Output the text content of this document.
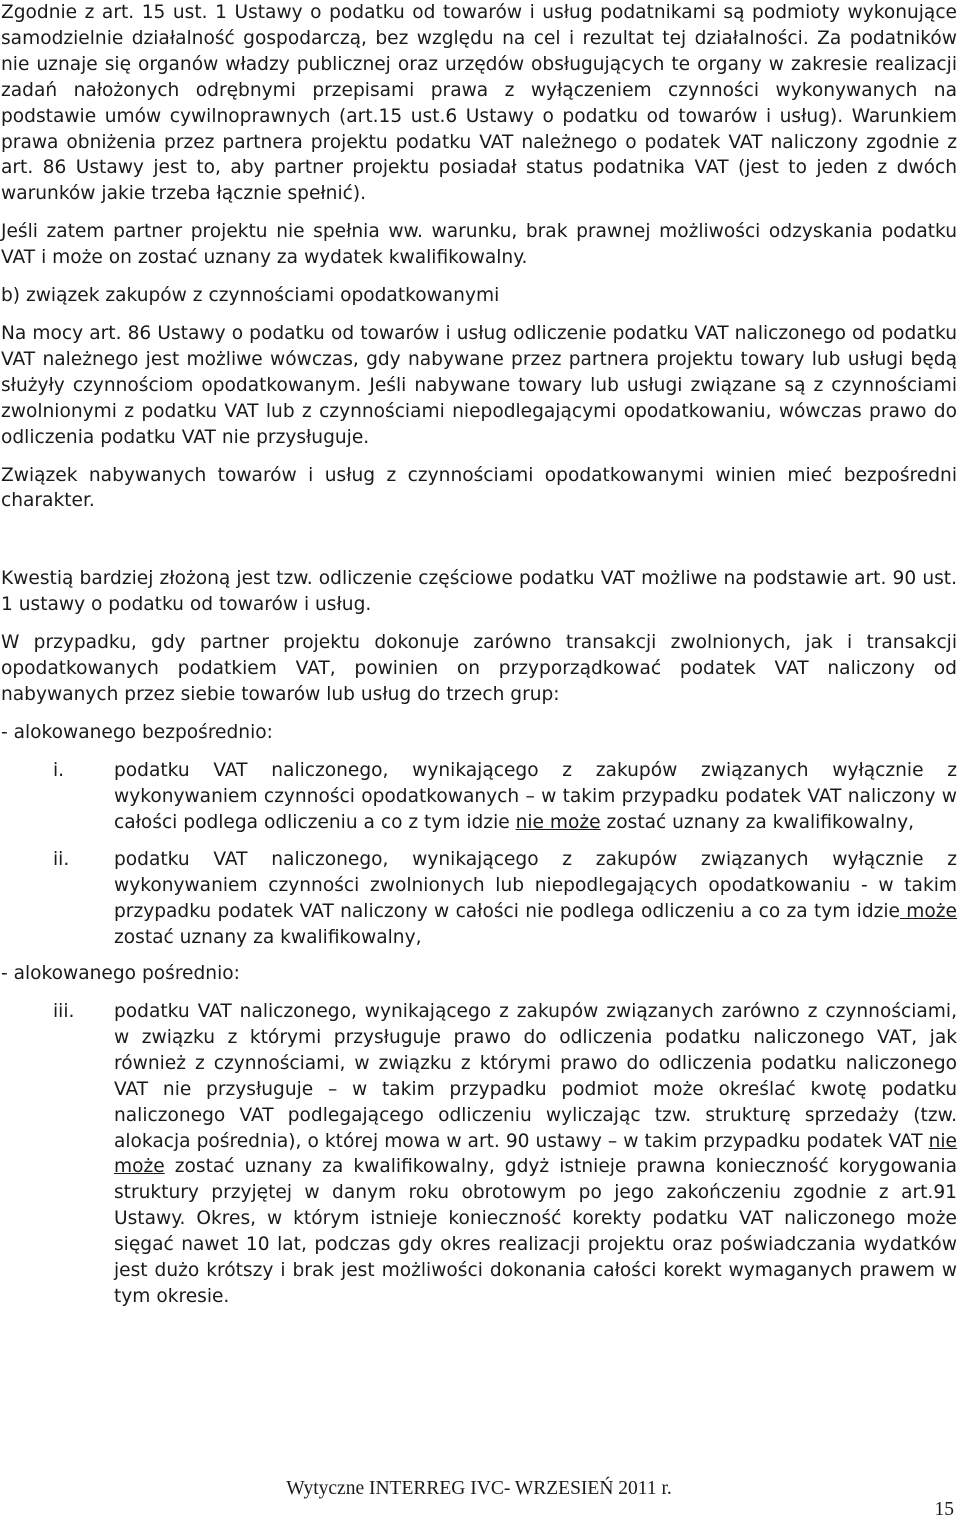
Zgodnie z art. 15 ust. 1 Ustawy o podatku od towarów i usług podatnikami są podmioty wykonujące samodzielnie działalność gospodarczą, bez względu na cel i rezultat tej działalności. Za podatników nie uznaje się organów władzy publicznej oraz urzędów obsługujących te organy w zakresie realizacji zadań nałożonych odrębnymi przepisami prawa z wyłączeniem czynności wykonywanych na podstawie umów cywilnoprawnych (art.15 ust.6 Ustawy o podatku od towarów i usług). Warunkiem prawa obniżenia przez partnera projektu podatku VAT należnego o podatek VAT naliczony zgodnie z art. 86 Ustawy jest to, aby partner projektu posiadał status podatnika VAT (jest to jeden z dwóch warunków jakie trzeba łącznie spełnić).

Jeśli zatem partner projektu nie spełnia ww. warunku, brak prawnej możliwości odzyskania podatku VAT i może on zostać uznany za wydatek kwalifikowalny.

b) związek zakupów z czynnościami opodatkowanymi

Na mocy art. 86 Ustawy o podatku od towarów i usług odliczenie podatku VAT naliczonego od podatku VAT należnego jest możliwe wówczas, gdy nabywane przez partnera projektu towary lub usługi będą służyły czynnościom opodatkowanym. Jeśli nabywane towary lub usługi związane są z czynnościami zwolnionymi z podatku VAT lub z czynnościami niepodlegającymi opodatkowaniu, wówczas prawo do odliczenia podatku VAT nie przysługuje.

Związek nabywanych towarów i usług z czynnościami opodatkowanymi winien mieć bezpośredni charakter.

Kwestią bardziej złożoną jest tzw. odliczenie częściowe podatku VAT możliwe na podstawie art. 90 ust. 1 ustawy o podatku od towarów i usług.

W przypadku, gdy partner projektu dokonuje zarówno transakcji zwolnionych, jak i transakcji opodatkowanych podatkiem VAT, powinien on przyporządkować podatek VAT naliczony od nabywanych przez siebie towarów lub usług do trzech grup:

- alokowanego bezpośrednio:

i.	podatku VAT naliczonego, wynikającego z zakupów związanych wyłącznie z wykonywaniem czynności opodatkowanych – w takim przypadku podatek VAT naliczony w całości podlega odliczeniu a co z tym idzie nie może zostać uznany za kwalifikowalny,
ii. podatku VAT naliczonego, wynikającego z zakupów związanych wyłącznie z wykonywaniem czynności zwolnionych lub niepodlegających opodatkowaniu - w takim przypadku podatek VAT naliczony w całości nie podlega odliczeniu a co za tym idzie może zostać uznany za kwalifikowalny,

- alokowanego pośrednio:

iii. podatku VAT naliczonego, wynikającego z zakupów związanych zarówno z czynnościami, w związku z którymi przysługuje prawo do odliczenia podatku naliczonego VAT, jak również z czynnościami, w związku z którymi prawo do odliczenia podatku naliczonego VAT nie przysługuje – w takim przypadku podmiot może określać kwotę podatku naliczonego VAT podlegającego odliczeniu wyliczając tzw. strukturę sprzedaży (tzw. alokacja pośrednia), o której mowa w art. 90 ustawy – w takim przypadku podatek VAT nie może zostać uznany za kwalifikowalny, gdyż istnieje prawna konieczność korygowania struktury przyjętej w danym roku obrotowym po jego zakończeniu zgodnie z art.91 Ustawy. Okres, w którym istnieje konieczność korekty podatku VAT naliczonego może sięgać nawet 10 lat, podczas gdy okres realizacji projektu oraz poświadczania wydatków jest dużo krótszy i brak jest możliwości dokonania całości korekt wymaganych prawem w tym okresie.
Wytyczne INTERREG IVC- WRZESIEŃ 2011 r.
15
